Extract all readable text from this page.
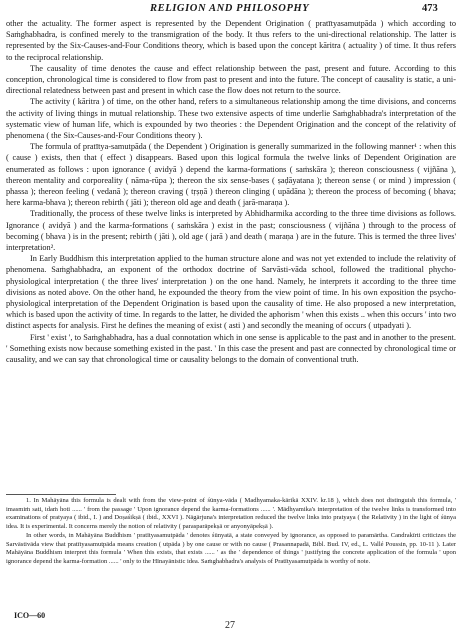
RELIGION AND PHILOSOPHY	473

other the actuality. The former aspect is represented by the Dependent Origination ( pratītyasamutpāda ) which according to Saṁghabhadra, is confined merely to the transmigration of the body. It thus refers to the uni-directional relationship. The latter is represented by the Six-Causes-and-Four Conditions theory, which is based upon the concept kāritra ( actuality ) of time. It thus refers to the reciprocal relationship.

The causality of time denotes the cause and effect relationship between the past, present and future. According to this conception, chronological time is considered to flow from past to present and into the future. The concept of causality is static, a uni-directional relatedness between past and present in which case the flow does not return to the source.

The activity ( kāritra ) of time, on the other hand, refers to a simultaneous relationship among the time divisions, and concerns the activity of living things in mutual relationship. These two extensive aspects of time underlie Saṁghabhadra's interpretation of the systematic view of human life, which is expounded by two theories : the Dependent Origination and the concept of the relativity of phenomena ( the Six-Causes-and-Four Conditions theory ).

The formula of pratītya-samutpāda ( the Dependent ) Origination is generally summarized in the following manner¹ : when this ( cause ) exists, then that ( effect ) disappears. Based upon this logical formula the twelve links of Dependent Origination are enumerated as follows : upon ignorance ( avidyā ) depend the karma-formations ( saṁskāra ); thereon consciousness ( vijñāna ), thereon mentality and corporeality ( nāma-rūpa ); thereon the six sense-bases ( ṣaḍāyatana ); thereon sense ( or mind ) impression ( phassa ); thereon feeling ( vedanā ); thereon craving ( tṛṣṇā ) thereon clinging ( upādāna ); thereon the process of becoming ( bhava; here karma-bhava ); thereon rebirth ( jāti ); thereon old age and death ( jarā-maraṇa ).

Traditionally, the process of these twelve links is interpreted by Abhidharmika according to the three time divisions as follows. Ignorance ( avidyā ) and the karma-formations ( saṁskāra ) exist in the past; consciousness ( vijñāna ) through to the process of becoming ( bhava ) is in the present; rebirth ( jāti ), old age ( jarā ) and death ( maraṇa ) are in the future. This is termed the three lives' interpretation².

In Early Buddhism this interpretation applied to the human structure alone and was not yet extended to include the relativity of phenomena. Saṁghabhadra, an exponent of the orthodox doctrine of Sarvāsti-vāda school, followed the traditional phycho-physiological interpretation ( the three lives' interpretation ) on the one hand. Namely, he interprets it according to the three time divisions as noted above. On the other hand, he expounded the theory from the view point of time. In his own exposition the psycho-physiological interpretation of the Dependent Origination is based upon the causality of time. He also proposed a new interpretation, which is based upon the activity of time. In regards to the latter, he divided the aphorism ' when this exists .. when this occurs ' into two distinct aspects for analysis. First he defines the meaning of exist ( asti ) and secondly the meaning of occurs ( utpadyati ).

First ' exist ', to Saṁghabhadra, has a dual connotation which in one sense is applicable to the past and in another to the present. ' Something exists now because something existed in the past. ' In this case the present and past are connected by chronological time or causality, and we can say that chronological time or causality belongs to the domain of conventional truth.

1. In Mahāyāna this formula is dealt with from the view-point of śūnya-vāda ( Madhyamaka-kārikā XXIV. kr.18 ), which does not distinguish this formula, ' imasmiṁ sati, idaṁ hoti ...... ' from the passage ' Upon ignorance depend the karma-formations ...... '. Mādhyamika's interpretation of the twelve links is transformed into examinations of pratyaya ( ibid., I. ) and Doṣaśikṣā ( ibid., XXVI ). Nāgārjuna's interpretation reduced the twelve links into pratyaya ( the Relativity ) in the light of śūnya idea. It is experimental. It concerns merely the notion of relativity ( parasparāpekṣā or anyonyāpekṣā ).

In other words, in Mahāyāna Buddhism ' pratītyasamutpāda ' denotes śūnyatā, a state conveyed by ignorance, as opposed to paramārtha. Candrakīrti criticizes the Sarvāstivāda view that pratītyasamutpāda means creation ( utpāda ) by one cause or with no cause ( Prasannapadā, Bibl. Bud. IV, ed., L. Vallé Poussin, pp. 10-11 ). Later Mahāyāna Buddhism interpret this formula ' When this exists, that exists ...... ' as the ' dependence of things ' justifying the concrete application of the formula ' upon ignorance depend the karma-formation ...... ' only to the Hīnayānistic idea. Saṁghabhadra's analysis of Pratītyasamutpāda is worthy of note.

ICO—60
27
